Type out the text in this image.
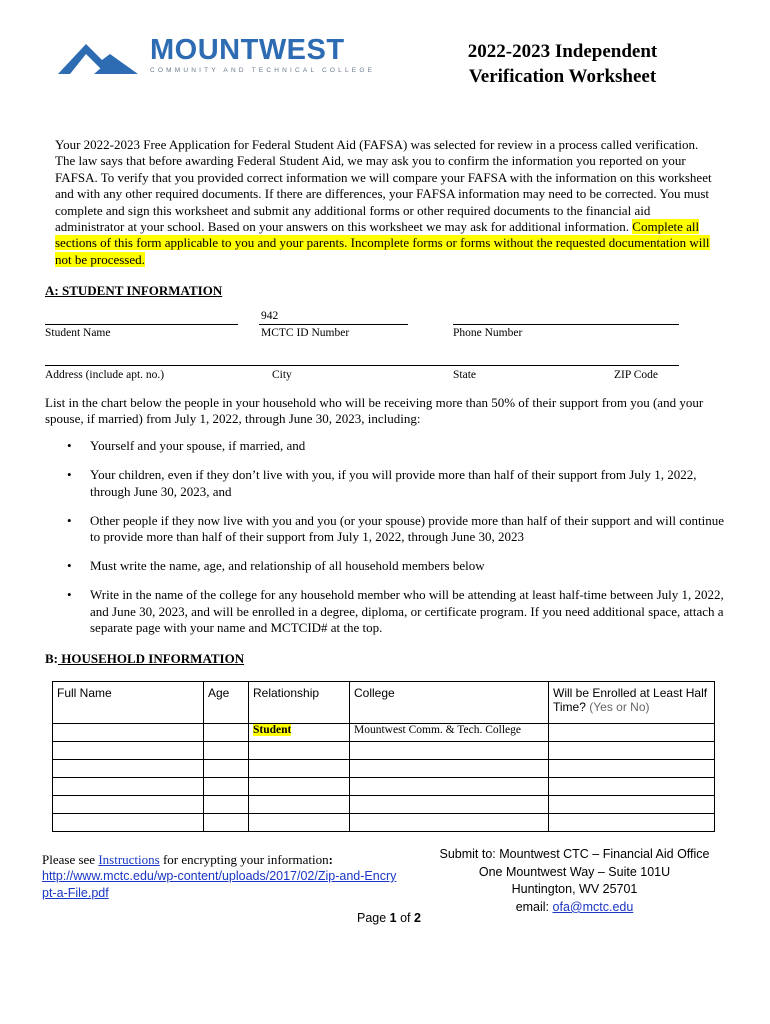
MOUNTWEST
COMMUNITY AND TECHNICAL COLLEGE
2022-2023 Independent
Verification Worksheet
Your 2022-2023 Free Application for Federal Student Aid (FAFSA) was selected for review in a process called verification. The law says that before awarding Federal Student Aid, we may ask you to confirm the information you reported on your FAFSA. To verify that you provided correct information we will compare your FAFSA with the information on this worksheet and with any other required documents. If there are differences, your FAFSA information may need to be corrected. You must complete and sign this worksheet and submit any additional forms or other required documents to the financial aid administrator at your school. Based on your answers on this worksheet we may ask for additional information. Complete all sections of this form applicable to you and your parents. Incomplete forms or forms without the requested documentation will not be processed.
A: STUDENT INFORMATION
Student Name
942
MCTC ID Number	Phone Number
Address (include apt. no.)	City	State	ZIP Code
List in the chart below the people in your household who will be receiving more than 50% of their support from you (and your spouse, if married) from July 1, 2022, through June 30, 2023, including:
• Yourself and your spouse, if married, and
• Your children, even if they don’t live with you, if you will provide more than half of their support from July 1, 2022, through June 30, 2023, and
• Other people if they now live with you and you (or your spouse) provide more than half of their support and will continue to provide more than half of their support from July 1, 2022, through June 30, 2023
• Must write the name, age, and relationship of all household members below
• Write in the name of the college for any household member who will be attending at least half-time between July 1, 2022, and June 30, 2023, and will be enrolled in a degree, diploma, or certificate program. If you need additional space, attach a separate page with your name and MCTCID# at the top.
B: HOUSEHOLD INFORMATION
Full Name	Age	Relationship	College	Will be Enrolled at Least Half Time? (Yes or No)
		Student	Mountwest Comm. & Tech. College	

Please see Instructions for encrypting your information:
http://www.mctc.edu/wp-content/uploads/2017/02/Zip-and-Encrypt-a-File.pdf
Submit to: Mountwest CTC – Financial Aid Office
One Mountwest Way – Suite 101U
Huntington, WV 25701
email: ofa@mctc.edu
Page 1 of 2
